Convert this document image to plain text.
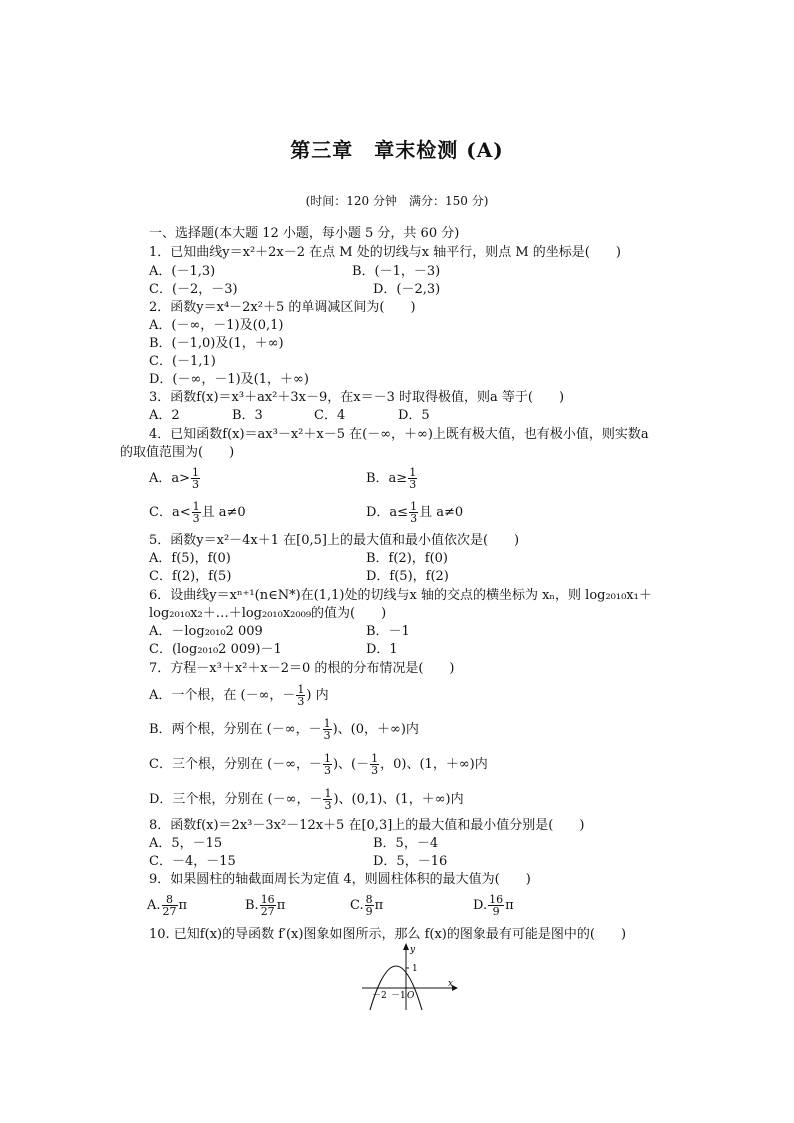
第三章　章末检测 (A)
(时间：120 分钟　满分：150 分)
一、选择题(本大题 12 小题，每小题 5 分，共 60 分)
1．已知曲线y＝x²＋2x－2 在点 M 处的切线与x 轴平行，则点 M 的坐标是(　　)
A．(－1,3)	B．(－1，－3)
C．(－2，－3)	D．(－2,3)
2．函数y＝x⁴－2x²＋5 的单调减区间为(　　)
A．(－∞，－1)及(0,1)
B．(－1,0)及(1，＋∞)
C．(－1,1)
D．(－∞，－1)及(1，＋∞)
3．函数f(x)＝x³＋ax²＋3x－9，在x＝－3 时取得极值，则a 等于(　　)
A．2	B．3	C．4	D．5
4．已知函数f(x)＝ax³－x²＋x－5 在(－∞，＋∞)上既有极大值，也有极小值，则实数a
的取值范围为(　　)
A．$a> \frac{1}{3}$	B．$a\ge \frac{1}{3}$
C．$a< \frac{1}{3}$ 且 a≠0	D．$a\le \frac{1}{3}$ 且 a≠0
5．函数y＝x²－4x＋1 在[0,5]上的最大值和最小值依次是(　　)
A．f(5)，f(0)	B．f(2)，f(0)
C．f(2)，f(5)	D．f(5)，f(2)
6．设曲线y＝xⁿ⁺¹(n∈N*)在(1,1)处的切线与x 轴的交点的横坐标为 xₙ，则 log₂₀₁₀x₁＋
log₂₀₁₀x₂＋…＋log₂₀₁₀x₂₀₀₉的值为(　　)
A．－log₂₀₁₀2 009	B．－1
C．(log₂₀₁₀2 009)－1	D．1
7．方程－x³＋x²＋x－2＝0 的根的分布情况是(　　)
A．一个根，在 (－∞，－ $\frac{1}{3}$ ) 内
B．两个根，分别在 (－∞，－ $\frac{1}{3}$ )、(0，＋∞)内
C．三个根，分别在 (－∞，－ $\frac{1}{3}$ )、(－ $\frac{1}{3}$ ，0)、(1，＋∞)内
D．三个根，分别在 (－∞，－ $\frac{1}{3}$ )、(0,1)、(1，＋∞)内
8．函数f(x)＝2x³－3x²－12x＋5 在[0,3]上的最大值和最小值分别是(　　)
A．5，－15	B．5，－4
C．－4，－15	D．5，－16
9．如果圆柱的轴截面周长为定值 4，则圆柱体积的最大值为(　　)
A. $\frac{8}{27}$ π	B. $\frac{16}{27}$ π	C. $\frac{8}{9}$ π	D. $\frac{16}{9}$ π
10. 已知f(x)的导函数 f′(x)图象如图所示，那么 f(x)的图象最有可能是图中的(　　)
1
y
x
－2 －1 O
